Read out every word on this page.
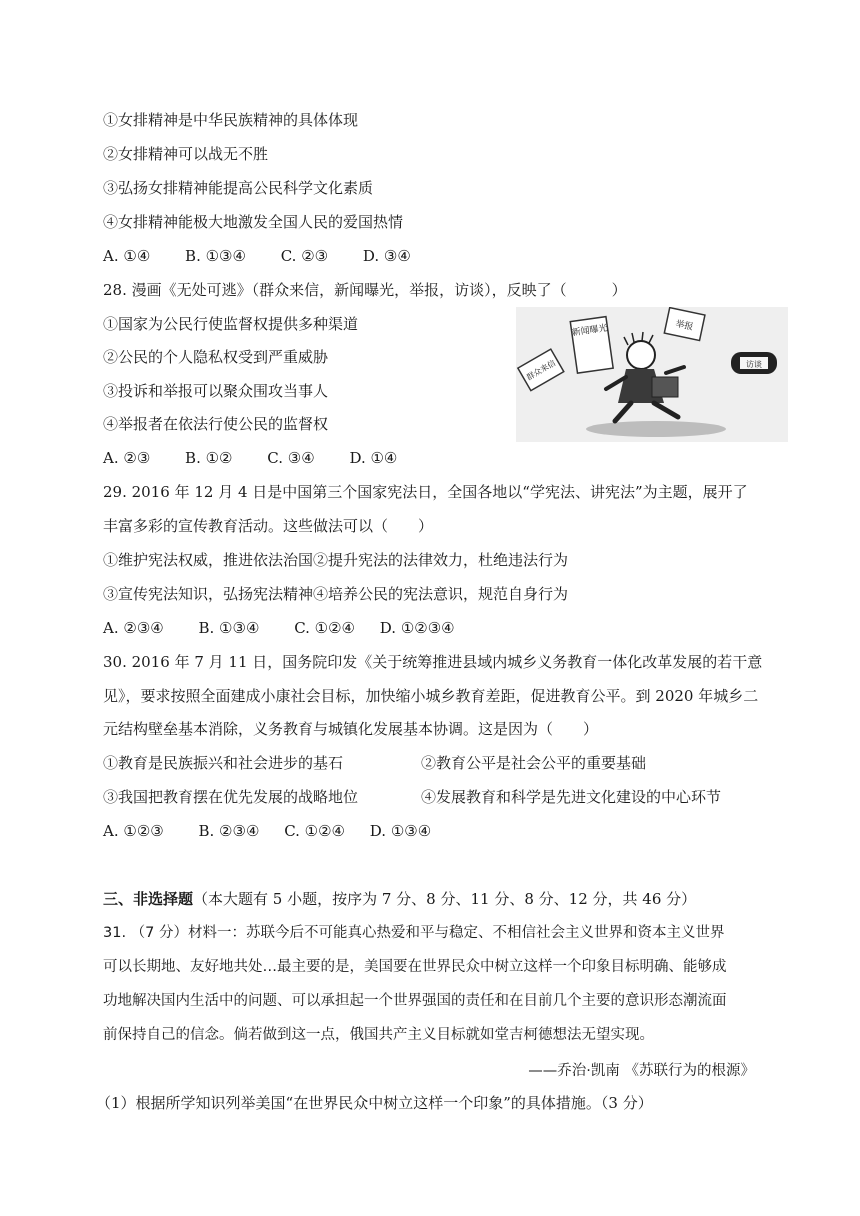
①女排精神是中华民族精神的具体体现
②女排精神可以战无不胜
③弘扬女排精神能提高公民科学文化素质
④女排精神能极大地激发全国人民的爱国热情
A. ①④ B. ①③④ C. ②③ D. ③④
28. 漫画《无处可逃》（群众来信，新闻曝光，举报，访谈），反映了（　　　）
①国家为公民行使监督权提供多种渠道
②公民的个人隐私权受到严重威胁
③投诉和举报可以聚众围攻当事人
④举报者在依法行使公民的监督权
A. ②③ B. ①② C. ③④ D. ①④
新闻曝光
群众来信
举报
访谈
29. 2016 年 12 月 4 日是中国第三个国家宪法日，全国各地以“学宪法、讲宪法”为主题，展开了
丰富多彩的宣传教育活动。这些做法可以（　　）
①维护宪法权威，推进依法治国②提升宪法的法律效力，杜绝违法行为
③宣传宪法知识，弘扬宪法精神④培养公民的宪法意识，规范自身行为
A. ②③④ B. ①③④ C. ①②④ D. ①②③④
30. 2016 年 7 月 11 日，国务院印发《关于统筹推进县域内城乡义务教育一体化改革发展的若干意
见》，要求按照全面建成小康社会目标，加快缩小城乡教育差距，促进教育公平。到 2020 年城乡二
元结构壁垒基本消除，义务教育与城镇化发展基本协调。这是因为（　　）
①教育是民族振兴和社会进步的基石	②教育公平是社会公平的重要基础
③我国把教育摆在优先发展的战略地位	④发展教育和科学是先进文化建设的中心环节
A. ①②③ B. ②③④ C. ①②④ D. ①③④
三、非选择题（本大题有 5 小题，按序为 7 分、8 分、11 分、8 分、12 分，共 46 分）
31. （7 分）材料一：苏联今后不可能真心热爱和平与稳定、不相信社会主义世界和资本主义世界
可以长期地、友好地共处…最主要的是，美国要在世界民众中树立这样一个印象目标明确、能够成
功地解决国内生活中的问题、可以承担起一个世界强国的责任和在目前几个主要的意识形态潮流面
前保持自己的信念。倘若做到这一点，俄国共产主义目标就如堂吉柯德想法无望实现。
——乔治·凯南 《苏联行为的根源》
（1）根据所学知识列举美国“在世界民众中树立这样一个印象”的具体措施。（3 分）
